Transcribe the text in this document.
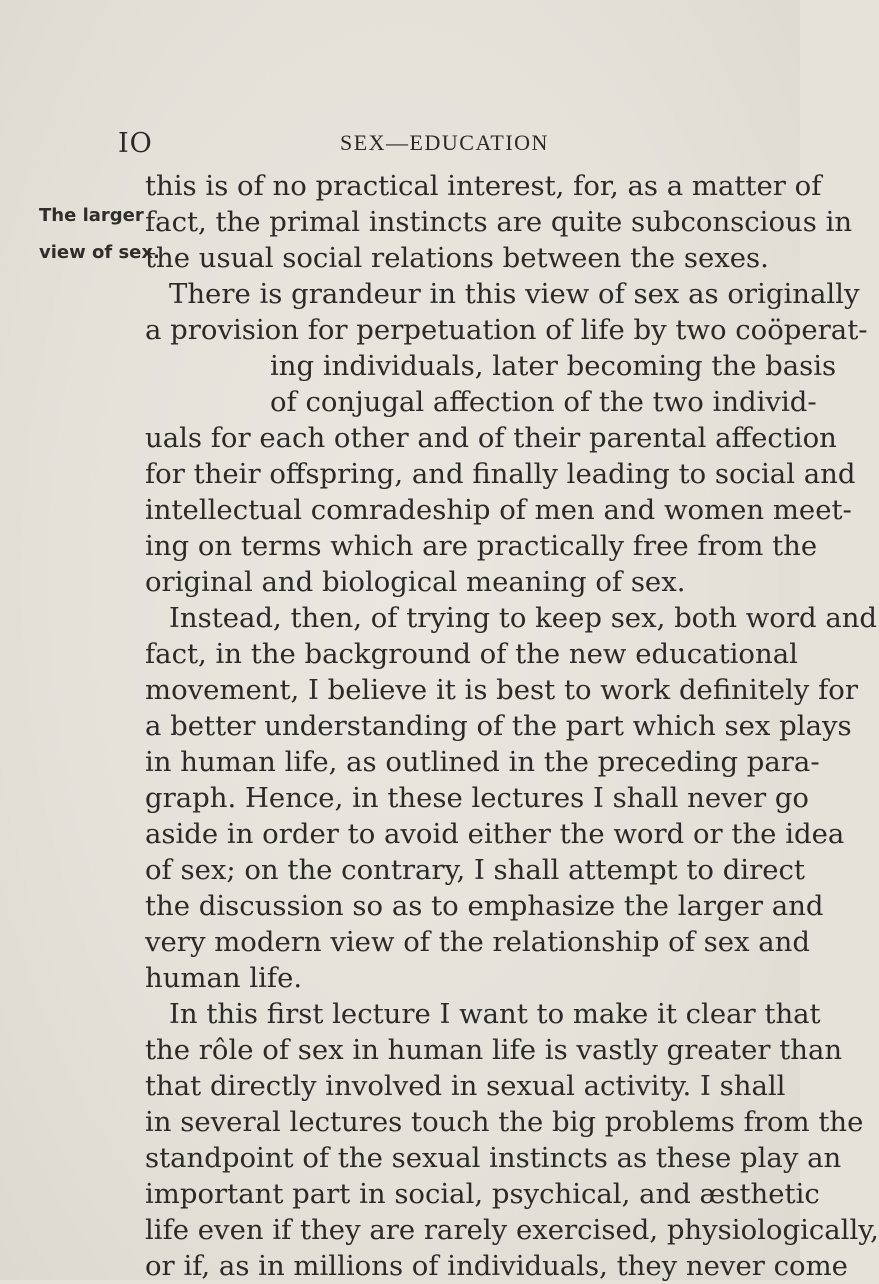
IO	SEX—EDUCATION
The larger
view of sex.
this is of no practical interest, for, as a matter of
fact, the primal instincts are quite subconscious in
the usual social relations between the sexes.
There is grandeur in this view of sex as originally
a provision for perpetuation of life by two coöperat-
ing individuals, later becoming the basis
of conjugal affection of the two individ-
uals for each other and of their parental affection
for their offspring, and finally leading to social and
intellectual comradeship of men and women meet-
ing on terms which are practically free from the
original and biological meaning of sex.
Instead, then, of trying to keep sex, both word and
fact, in the background of the new educational
movement, I believe it is best to work definitely for
a better understanding of the part which sex plays
in human life, as outlined in the preceding para-
graph. Hence, in these lectures I shall never go
aside in order to avoid either the word or the idea
of sex; on the contrary, I shall attempt to direct
the discussion so as to emphasize the larger and
very modern view of the relationship of sex and
human life.
In this first lecture I want to make it clear that
the rôle of sex in human life is vastly greater than
that directly involved in sexual activity. I shall
in several lectures touch the big problems from the
standpoint of the sexual instincts as these play an
important part in social, psychical, and æsthetic
life even if they are rarely exercised, physiologically,
or if, as in millions of individuals, they never come
